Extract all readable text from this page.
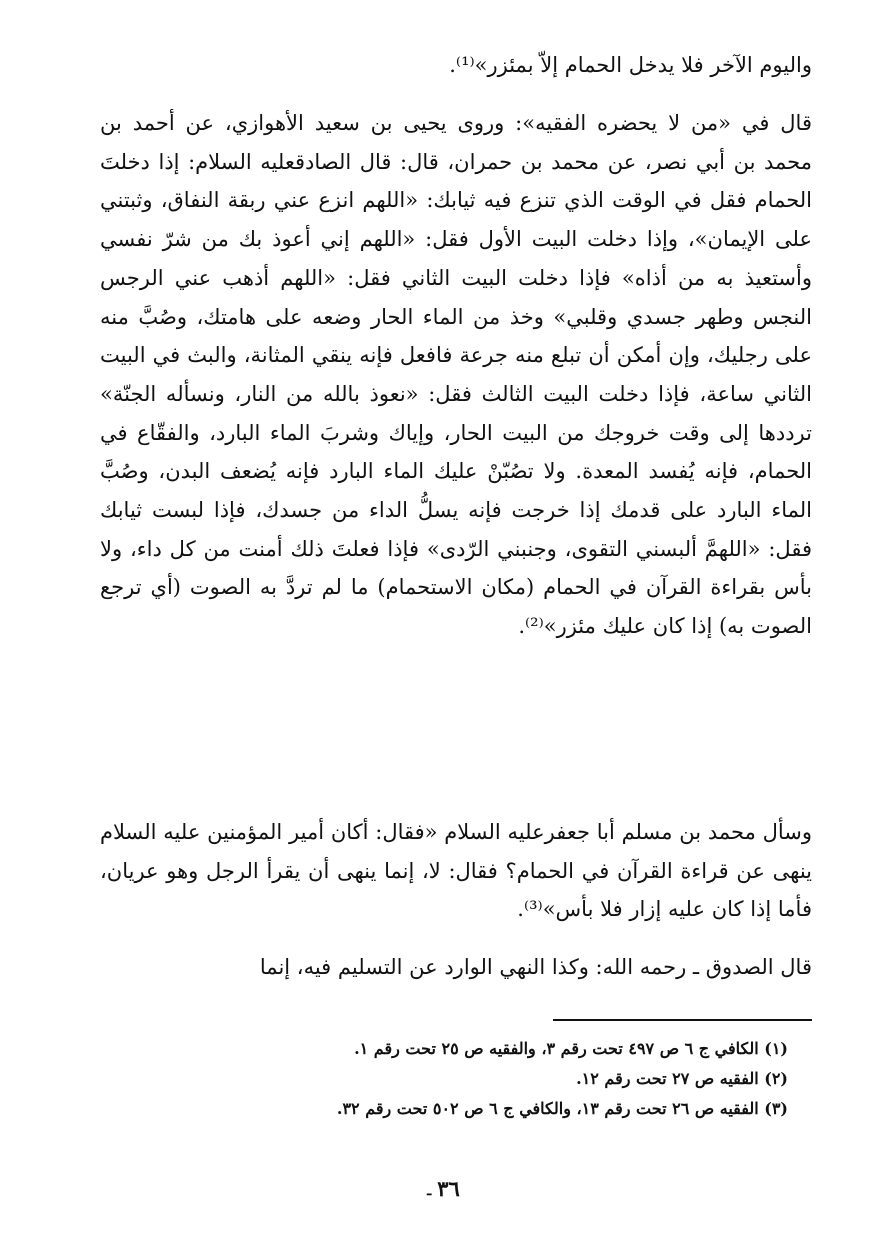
واليوم الآخر فلا يدخل الحمام إلاّ بمئزر»⁽¹⁾.

قال في «من لا يحضره الفقيه»: وروى يحيى بن سعيد الأهوازي، عن أحمد بن محمد بن أبي نصر، عن محمد بن حمران، قال: قال الصادقعليه السلام: إذا دخلتَ الحمام فقل في الوقت الذي تنزع فيه ثيابك: «اللهم انزع عني ربقة النفاق، وثبتني على الإيمان»، وإذا دخلت البيت الأول فقل: «اللهم إني أعوذ بك من شرّ نفسي وأستعيذ به من أذاه» فإذا دخلت البيت الثاني فقل: «اللهم أذهب عني الرجس النجس وطهر جسدي وقلبي» وخذ من الماء الحار وضعه على هامتك، وصُبَّ منه على رجليك، وإن أمكن أن تبلع منه جرعة فافعل فإنه ينقي المثانة، والبث في البيت الثاني ساعة، فإذا دخلت البيت الثالث فقل: «نعوذ بالله من النار، ونسأله الجنّة» ترددها إلى وقت خروجك من البيت الحار، وإياك وشربَ الماء البارد، والفقّاع في الحمام، فإنه يُفسد المعدة. ولا تصُبّنْ عليك الماء البارد فإنه يُضعف البدن، وصُبَّ الماء البارد على قدمك إذا خرجت فإنه يسلُّ الداء من جسدك، فإذا لبست ثيابك فقل: «اللهمَّ ألبسني التقوى، وجنبني الرّدى» فإذا فعلتَ ذلك أمنت من كل داء، ولا بأس بقراءة القرآن في الحمام (مكان الاستحمام) ما لم تردَّ به الصوت (أي ترجع الصوت به) إذا كان عليك مئزر»⁽²⁾.

وسأل محمد بن مسلم أبا جعفرعليه السلام «فقال: أكان أمير المؤمنين عليه السلام ينهى عن قراءة القرآن في الحمام؟ فقال: لا، إنما ينهى أن يقرأ الرجل وهو عريان، فأما إذا كان عليه إزار فلا بأس»⁽³⁾.

قال الصدوق ـ رحمه الله: وكذا النهي الوارد عن التسليم فيه، إنما

(١) الكافي ج ٦ ص ٤٩٧ تحت رقم ٣، والفقيه ص ٢٥ تحت رقم ١.
(٢) الفقيه ص ٢٧ تحت رقم ١٢.
(٣) الفقيه ص ٢٦ تحت رقم ١٣، والكافي ج ٦ ص ٥٠٢ تحت رقم ٣٢.
٣٦ـ
